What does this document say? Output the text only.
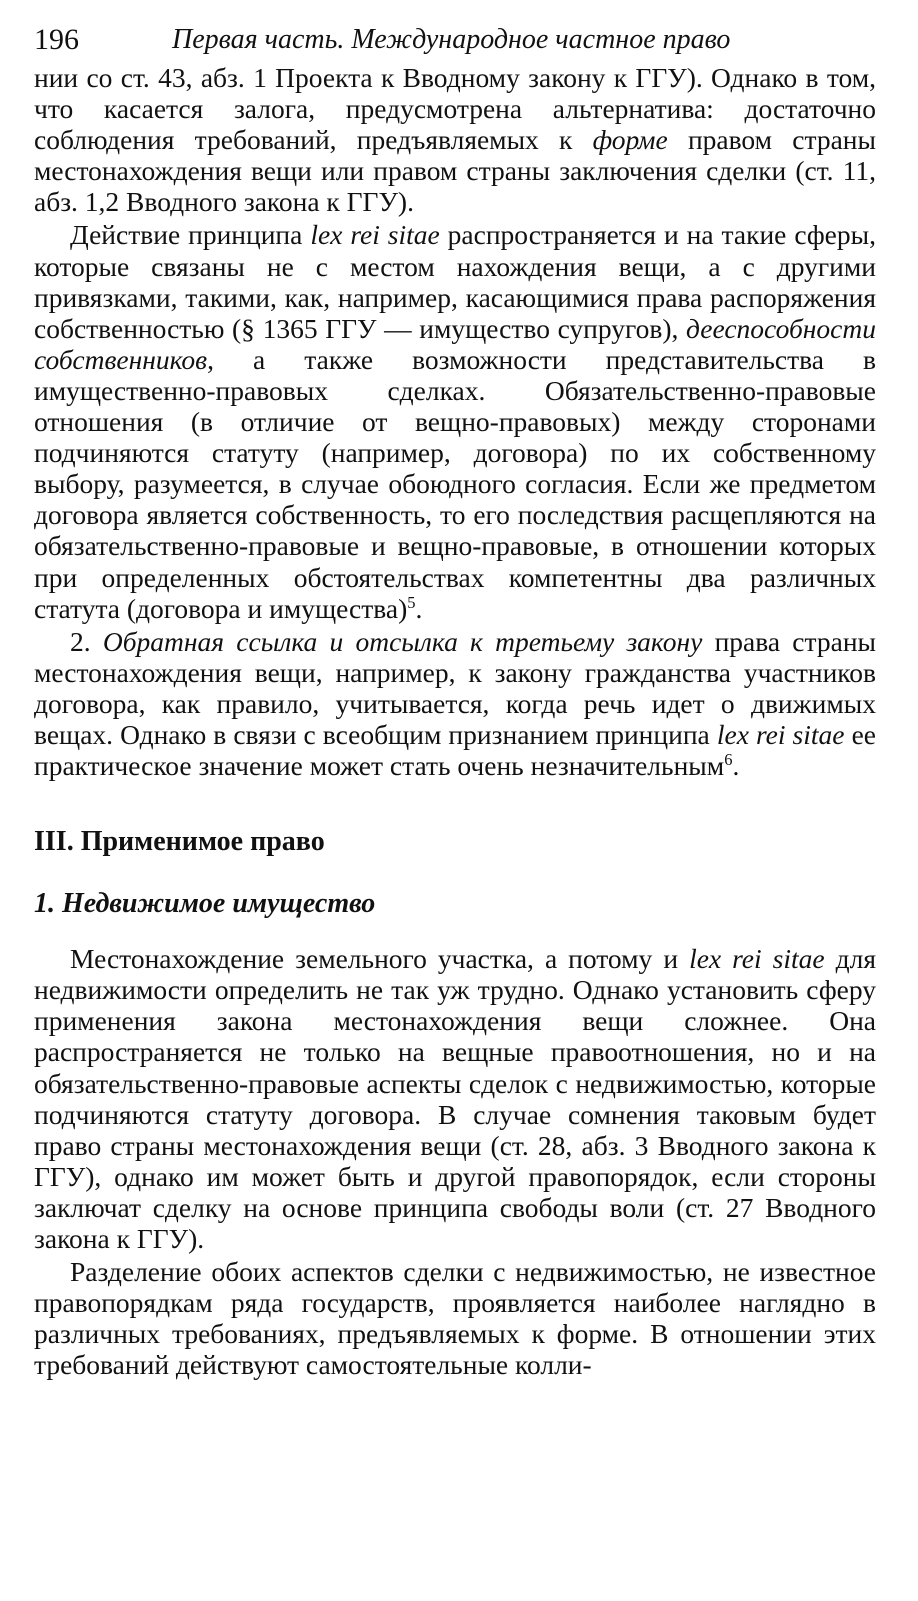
196	Первая часть. Международное частное право

нии со ст. 43, абз. 1 Проекта к Вводному закону к ГГУ). Однако в том, что касается залога, предусмотрена альтернатива: достаточно соблюдения требований, предъявляемых к форме правом страны местонахождения вещи или правом страны заключения сделки (ст. 11, абз. 1,2 Вводного закона к ГГУ).

Действие принципа lex rei sitae распространяется и на такие сферы, которые связаны не с местом нахождения вещи, а с другими привязками, такими, как, например, касающимися права распоряжения собственностью (§ 1365 ГГУ — имущество супругов), дееспособности собственников, а также возможности представительства в имущественно-правовых сделках. Обязательственно-правовые отношения (в отличие от вещно-правовых) между сторонами подчиняются статуту (например, договора) по их собственному выбору, разумеется, в случае обоюдного согласия. Если же предметом договора является собственность, то его последствия расщепляются на обязательственно-правовые и вещно-правовые, в отношении которых при определенных обстоятельствах компетентны два различных статута (договора и имущества)$^5$.

2. Обратная ссылка и отсылка к третьему закону права страны местонахождения вещи, например, к закону гражданства участников договора, как правило, учитывается, когда речь идет о движимых вещах. Однако в связи с всеобщим признанием принципа lex rei sitae ее практическое значение может стать очень незначительным$^6$.

III. Применимое право
1. Недвижимое имущество

Местонахождение земельного участка, а потому и lex rei sitae для недвижимости определить не так уж трудно. Однако установить сферу применения закона местонахождения вещи сложнее. Она распространяется не только на вещные правоотношения, но и на обязательственно-правовые аспекты сделок с недвижимостью, которые подчиняются статуту договора. В случае сомнения таковым будет право страны местонахождения вещи (ст. 28, абз. 3 Вводного закона к ГГУ), однако им может быть и другой правопорядок, если стороны заключат сделку на основе принципа свободы воли (ст. 27 Вводного закона к ГГУ).

Разделение обоих аспектов сделки с недвижимостью, не известное правопорядкам ряда государств, проявляется наиболее наглядно в различных требованиях, предъявляемых к форме. В отношении этих требований действуют самостоятельные колли-
